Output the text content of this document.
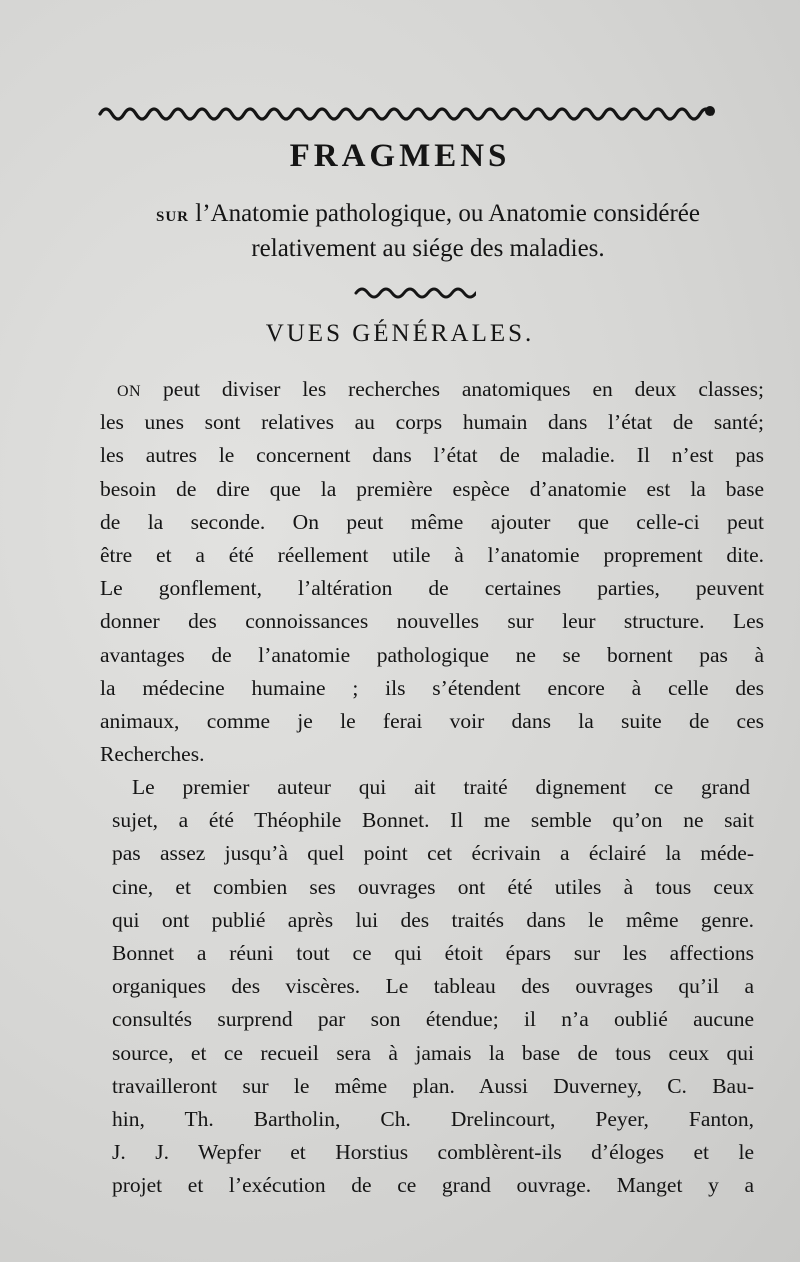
FRAGMENS
SUR l’Anatomie pathologique, ou Anatomie considérée
relativement au siége des maladies.
VUES GÉNÉRALES.
ON peut diviser les recherches anatomiques en deux classes;
les unes sont relatives au corps humain dans l’état de santé;
les autres le concernent dans l’état de maladie. Il n’est pas
besoin de dire que la première espèce d’anatomie est la base
de la seconde. On peut même ajouter que celle-ci peut
être et a été réellement utile à l’anatomie proprement dite.
Le gonflement, l’altération de certaines parties, peuvent
donner des connoissances nouvelles sur leur structure. Les
avantages de l’anatomie pathologique ne se bornent pas à
la médecine humaine ; ils s’étendent encore à celle des
animaux, comme je le ferai voir dans la suite de ces
Recherches.
Le premier auteur qui ait traité dignement ce grand
sujet, a été Théophile Bonnet. Il me semble qu’on ne sait
pas assez jusqu’à quel point cet écrivain a éclairé la méde-
cine, et combien ses ouvrages ont été utiles à tous ceux
qui ont publié après lui des traités dans le même genre.
Bonnet a réuni tout ce qui étoit épars sur les affections
organiques des viscères. Le tableau des ouvrages qu’il a
consultés surprend par son étendue; il n’a oublié aucune
source, et ce recueil sera à jamais la base de tous ceux qui
travailleront sur le même plan. Aussi Duverney, C. Bau-
hin, Th. Bartholin, Ch. Drelincourt, Peyer, Fanton,
J. J. Wepfer et Horstius comblèrent-ils d’éloges et le
projet et l’exécution de ce grand ouvrage. Manget y a
